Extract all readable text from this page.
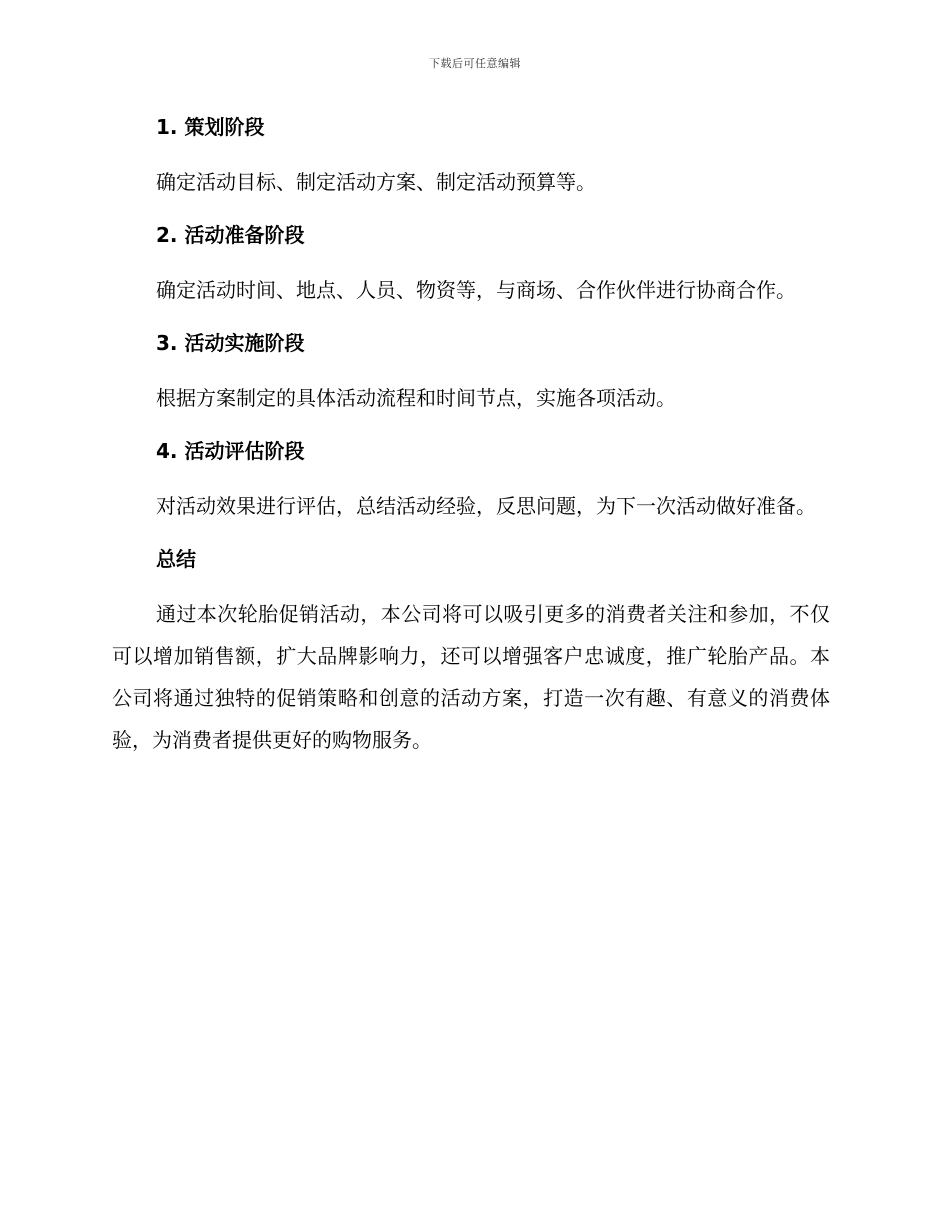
下载后可任意编辑

1. 策划阶段

确定活动目标、制定活动方案、制定活动预算等。

2. 活动准备阶段

确定活动时间、地点、人员、物资等，与商场、合作伙伴进行协商合作。

3. 活动实施阶段

根据方案制定的具体活动流程和时间节点，实施各项活动。

4. 活动评估阶段

对活动效果进行评估，总结活动经验，反思问题，为下一次活动做好准备。

总结

通过本次轮胎促销活动，本公司将可以吸引更多的消费者关注和参加，不仅可以增加销售额，扩大品牌影响力，还可以增强客户忠诚度，推广轮胎产品。本公司将通过独特的促销策略和创意的活动方案，打造一次有趣、有意义的消费体验，为消费者提供更好的购物服务。
